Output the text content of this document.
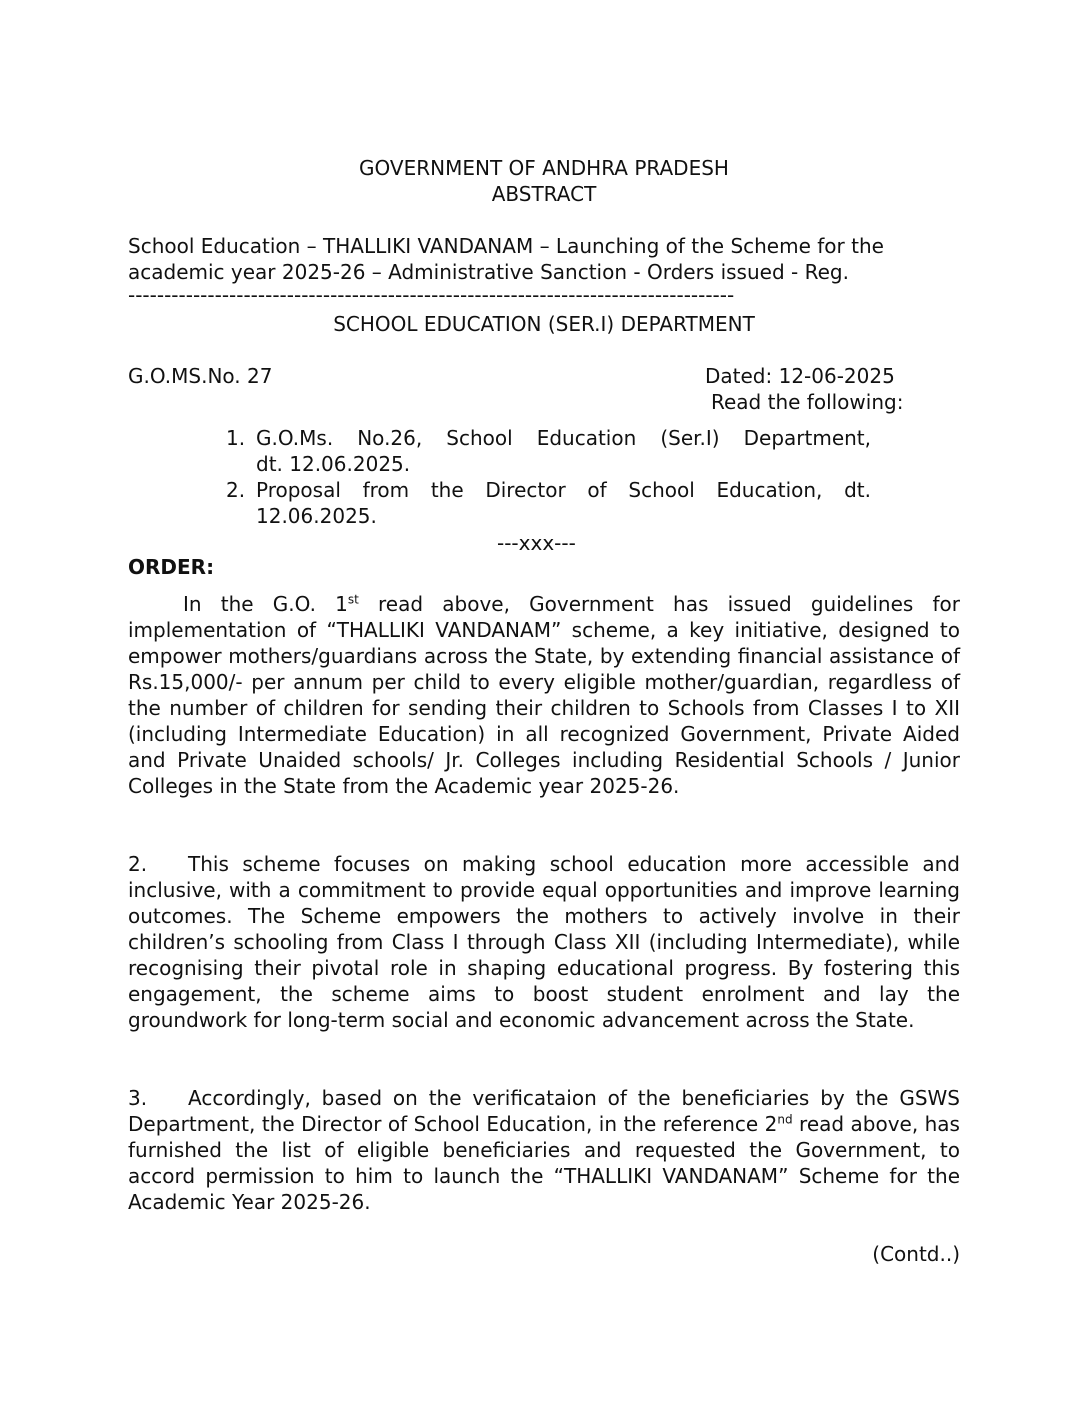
GOVERNMENT OF ANDHRA PRADESH
ABSTRACT
School Education – THALLIKI VANDANAM – Launching of the Scheme for the
academic year 2025-26 – Administrative Sanction - Orders issued - Reg.
------------------------------------------------------------------------------------
SCHOOL EDUCATION (SER.I) DEPARTMENT
G.O.MS.No. 27	Dated: 12-06-2025
Read the following:
1. G.O.Ms. No.26, School Education (Ser.I) Department,
dt. 12.06.2025.
2. Proposal from the Director of School Education, dt.
12.06.2025.
---xxx---
ORDER:
In the G.O. 1st read above, Government has issued guidelines for implementation of “THALLIKI VANDANAM” scheme, a key initiative, designed to empower mothers/guardians across the State, by extending financial assistance of Rs.15,000/- per annum per child to every eligible mother/guardian, regardless of the number of children for sending their children to Schools from Classes I to XII (including Intermediate Education) in all recognized Government, Private Aided and Private Unaided schools/ Jr. Colleges including Residential Schools / Junior Colleges in the State from the Academic year 2025-26.
2. This scheme focuses on making school education more accessible and inclusive, with a commitment to provide equal opportunities and improve learning outcomes. The Scheme empowers the mothers to actively involve in their children’s schooling from Class I through Class XII (including Intermediate), while recognising their pivotal role in shaping educational progress. By fostering this engagement, the scheme aims to boost student enrolment and lay the groundwork for long-term social and economic advancement across the State.
3. Accordingly, based on the verificataion of the beneficiaries by the GSWS Department, the Director of School Education, in the reference 2nd read above, has furnished the list of eligible beneficiaries and requested the Government, to accord permission to him to launch the “THALLIKI VANDANAM” Scheme for the Academic Year 2025-26.
(Contd..)
